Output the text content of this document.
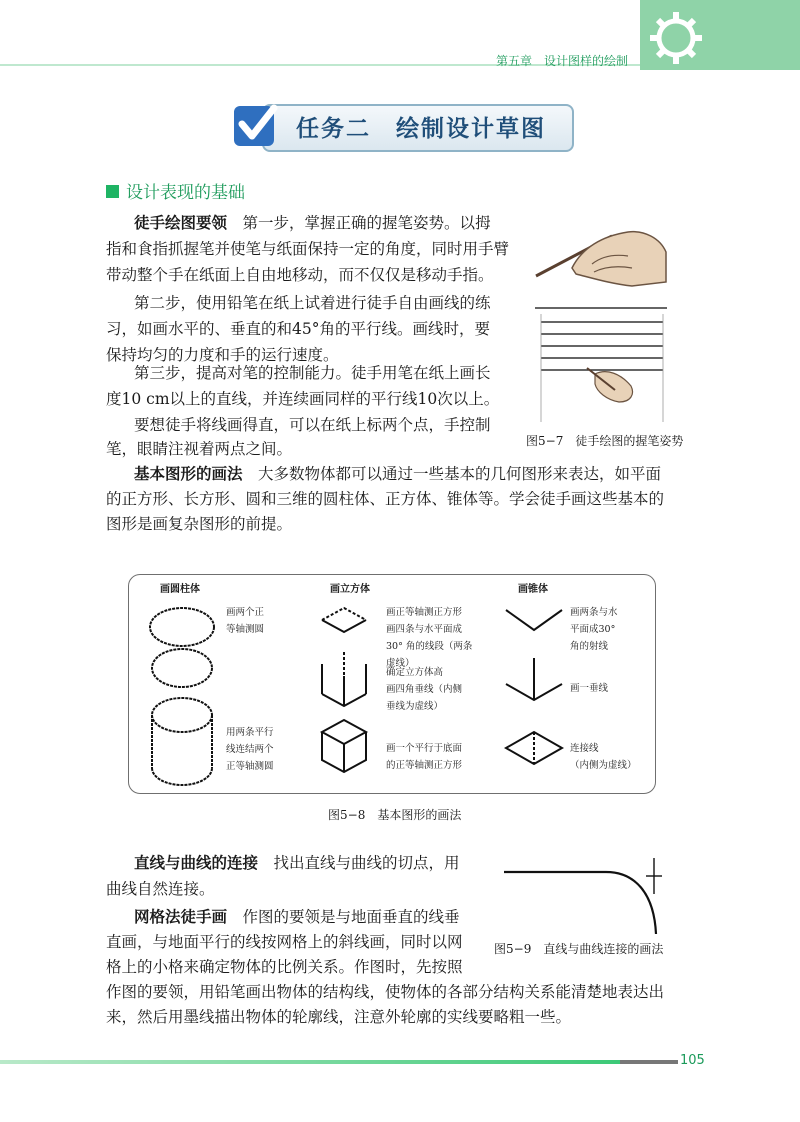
第五章　设计图样的绘制
任务二　绘制设计草图
设计表现的基础
徒手绘图要领　第一步，掌握正确的握笔姿势。以拇
指和食指抓握笔并使笔与纸面保持一定的角度，同时用手臂
带动整个手在纸面上自由地移动，而不仅仅是移动手指。
第二步，使用铅笔在纸上试着进行徒手自由画线的练
习，如画水平的、垂直的和45°角的平行线。画线时，要
保持均匀的力度和手的运行速度。
第三步，提高对笔的控制能力。徒手用笔在纸上画长
度10 cm以上的直线，并连续画同样的平行线10次以上。
要想徒手将线画得直，可以在纸上标两个点，手控制
笔，眼睛注视着两点之间。	图5−7　徒手绘图的握笔姿势
基本图形的画法　大多数物体都可以通过一些基本的几何图形来表达，如平面
的正方形、长方形、圆和三维的圆柱体、正方体、锥体等。学会徒手画这些基本的
图形是画复杂图形的前提。
画圆柱体	画立方体	画锥体
画两个正
等轴测圆
用两条平行
线连结两个
正等轴测圆
画正等轴测正方形
画四条与水平面成
30° 角的线段（两条
虚线）
确定立方体高
画四角垂线（内侧
垂线为虚线）
画一个平行于底面
的正等轴测正方形
画两条与水
平面成30°
角的射线
画一垂线
连接线
（内侧为虚线）
图5−8　基本图形的画法
直线与曲线的连接　找出直线与曲线的切点，用
曲线自然连接。
图5−9　直线与曲线连接的画法
网格法徒手画　作图的要领是与地面垂直的线垂
直画，与地面平行的线按网格上的斜线画，同时以网
格上的小格来确定物体的比例关系。作图时，先按照
作图的要领，用铅笔画出物体的结构线，使物体的各部分结构关系能清楚地表达出
来，然后用墨线描出物体的轮廓线，注意外轮廓的实线要略粗一些。
105
